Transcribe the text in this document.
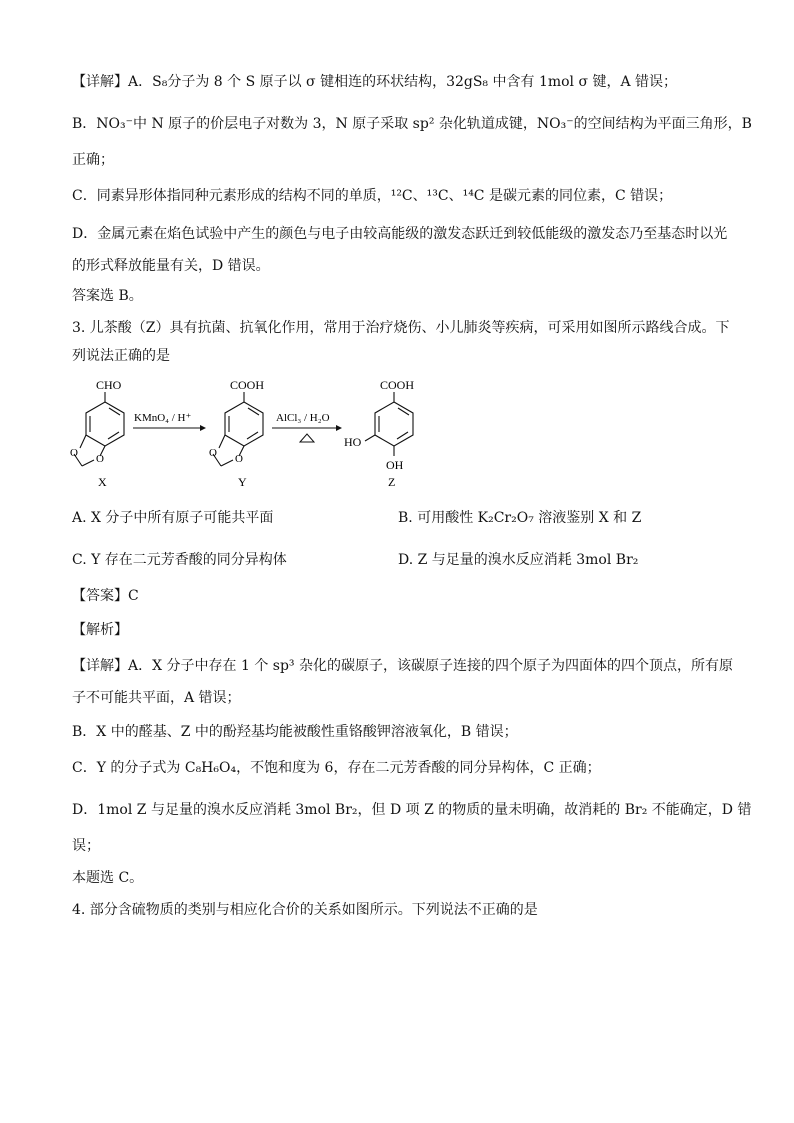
【详解】A．S₈分子为 8 个 S 原子以 σ 键相连的环状结构，32gS₈ 中含有 1mol σ 键，A 错误；
B．NO₃⁻中 N 原子的价层电子对数为 3，N 原子采取 sp² 杂化轨道成键，NO₃⁻的空间结构为平面三角形，B
正确；
C．同素异形体指同种元素形成的结构不同的单质，¹²C、¹³C、¹⁴C 是碳元素的同位素，C 错误；
D．金属元素在焰色试验中产生的颜色与电子由较高能级的激发态跃迁到较低能级的激发态乃至基态时以光
的形式释放能量有关，D 错误。
答案选 B。
3. 儿茶酸（Z）具有抗菌、抗氧化作用，常用于治疗烧伤、小儿肺炎等疾病，可采用如图所示路线合成。下
列说法正确的是
CHO
O O
X
KMnO₄ / H⁺
COOH
O O
Y
AlCl₃ / H₂O
COOH
HO
OH
Z
A. X 分子中所有原子可能共平面	B. 可用酸性 K₂Cr₂O₇ 溶液鉴别 X 和 Z
C. Y 存在二元芳香酸的同分异构体	D. Z 与足量的溴水反应消耗 3mol Br₂
【答案】C
【解析】
【详解】A．X 分子中存在 1 个 sp³ 杂化的碳原子，该碳原子连接的四个原子为四面体的四个顶点，所有原
子不可能共平面，A 错误；
B．X 中的醛基、Z 中的酚羟基均能被酸性重铬酸钾溶液氧化，B 错误；
C．Y 的分子式为 C₈H₆O₄，不饱和度为 6，存在二元芳香酸的同分异构体，C 正确；
D．1mol Z 与足量的溴水反应消耗 3mol Br₂，但 D 项 Z 的物质的量未明确，故消耗的 Br₂ 不能确定，D 错
误；
本题选 C。
4. 部分含硫物质的类别与相应化合价的关系如图所示。下列说法不正确的是
